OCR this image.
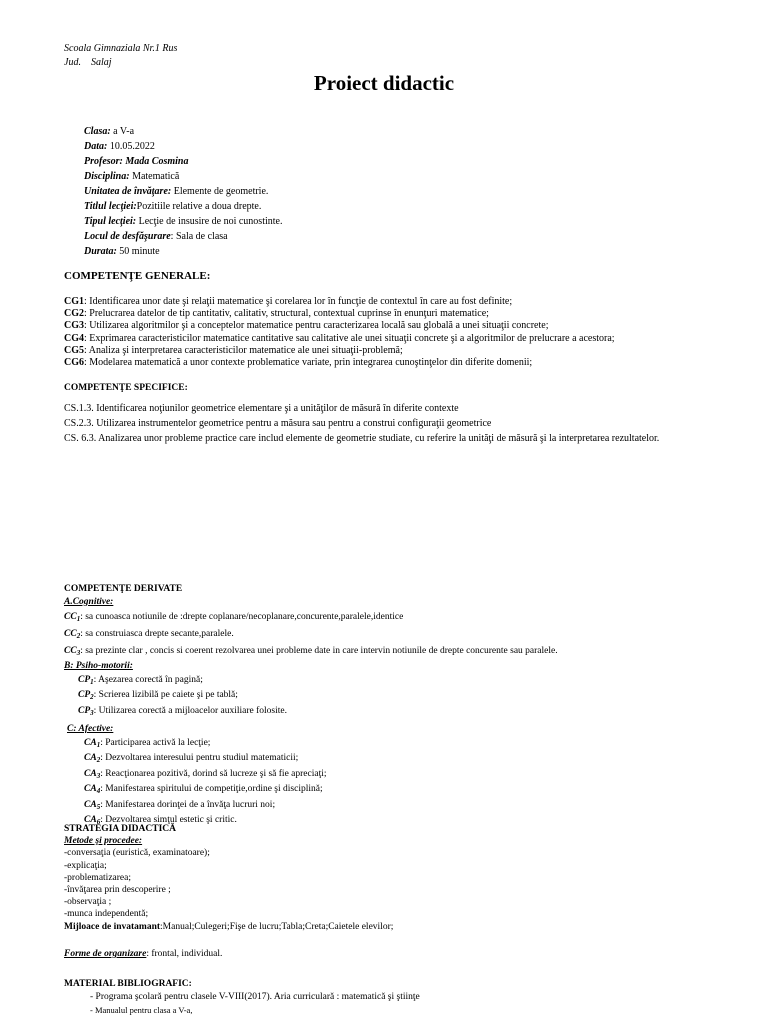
Scoala Gimnaziala Nr.1 Rus
Jud.    Salaj
Proiect didactic
Clasa: a V-a
Data: 10.05.2022
Profesor: Mada Cosmina
Disciplina: Matematică
Unitatea de învăţare: Elemente de geometrie.
Titlul lecţiei:Pozitiile relative a doua drepte.
Tipul lecţiei: Lecţie de insusire de noi cunostinte.
Locul de desfăşurare: Sala de clasa
Durata: 50 minute
COMPETENŢE GENERALE:
CG1: Identificarea unor date şi relaţii matematice şi corelarea lor în funcţie de contextul în care au fost definite;
CG2: Prelucrarea datelor de tip cantitativ, calitativ, structural, contextual cuprinse în enunţuri matematice;
CG3: Utilizarea algoritmilor şi a conceptelor matematice pentru caracterizarea locală sau globală a unei situaţii concrete;
CG4: Exprimarea caracteristicilor matematice cantitative sau calitative ale unei situaţii concrete şi a algoritmilor de prelucrare a acestora;
CG5: Analiza şi interpretarea caracteristicilor matematice ale unei situaţii-problemă;
CG6: Modelarea matematică a unor contexte problematice variate, prin integrarea cunoştinţelor din diferite domenii;
COMPETENŢE SPECIFICE:
CS.1.3. Identificarea noţiunilor geometrice elementare şi a unităţilor de măsură în diferite contexte
CS.2.3. Utilizarea instrumentelor geometrice pentru a măsura sau pentru a construi configuraţii geometrice
CS. 6.3. Analizarea unor probleme practice care includ elemente de geometrie studiate, cu referire la unităţi de măsură şi la interpretarea rezultatelor.
COMPETENŢE DERIVATE
A.Cognitive:
$CC_1$: sa cunoasca notiunile de :drepte coplanare/necoplanare,concurente,paralele,identice
$CC_2$: sa construiasca drepte secante,paralele.
$CC_3$: sa prezinte clar , concis si coerent rezolvarea unei probleme date in care intervin notiunile de drepte concurente sau paralele.
B: Psiho-motorii:
$CP_1$: Aşezarea corectă în pagină;
$CP_2$: Scrierea lizibilă pe caiete şi pe tablă;
$CP_3$: Utilizarea corectă a mijloacelor auxiliare folosite.
C: Afective:
$CA_1$: Participarea activă la lecţie;
$CA_2$: Dezvoltarea interesului pentru studiul matematicii;
$CA_3$: Reacţionarea pozitivă, dorind să lucreze şi să fie apreciaţi;
$CA_4$: Manifestarea spiritului de competiţie,ordine şi disciplină;
$CA_5$: Manifestarea dorinţei de a învăţa lucruri noi;
$CA_6$: Dezvoltarea simţul estetic şi critic.
STRATEGIA DIDACTICĂ
Metode şi procedee:
-conversaţia (euristică, examinatoare);
-explicaţia;
-problematizarea;
-învăţarea prin descoperire ;
-observaţia ;
-munca independentă;
Mijloace de invatamant:Manual;Culegeri;Fişe de lucru;Tabla;Creta;Caietele elevilor;
Forme de organizare: frontal, individual.
MATERIAL BIBLIOGRAFIC:
- Programa şcolară pentru clasele V-VIII(2017). Aria curriculară : matematică şi ştiinţe
- Manualul pentru clasa a V-a,
